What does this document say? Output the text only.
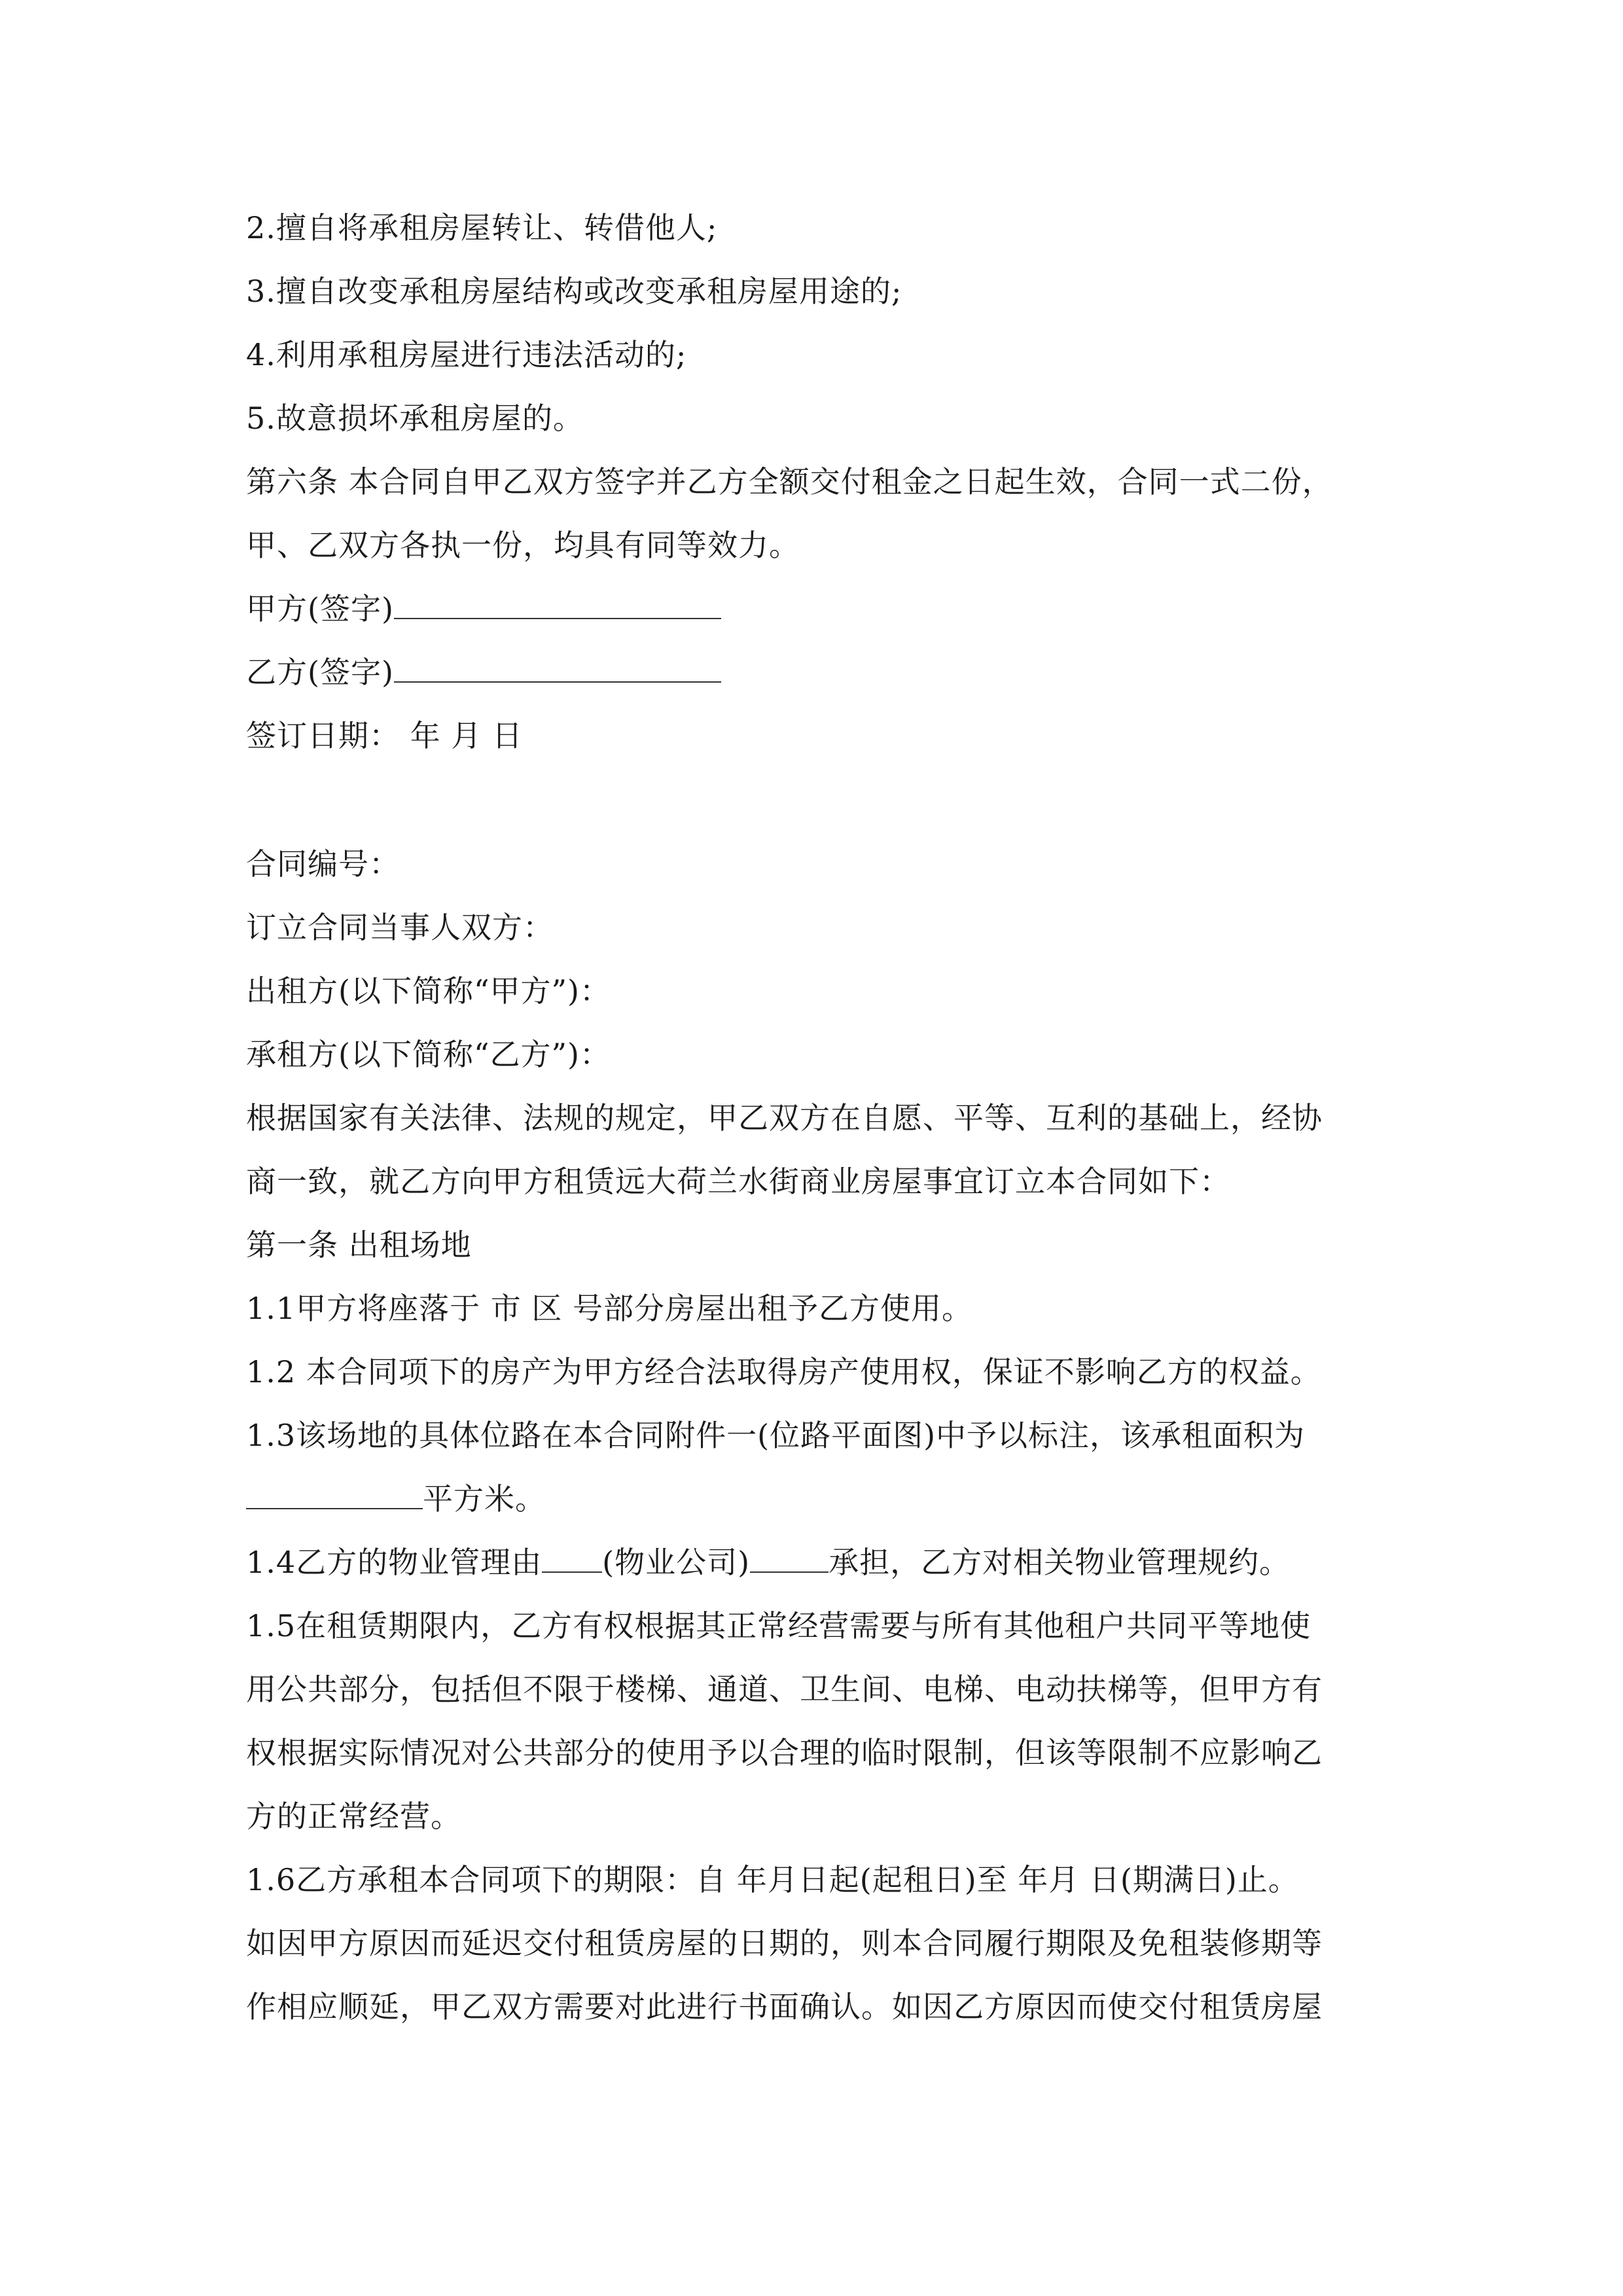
2.擅自将承租房屋转让、转借他人;
3.擅自改变承租房屋结构或改变承租房屋用途的;
4.利用承租房屋进行违法活动的;
5.故意损坏承租房屋的。
第六条 本合同自甲乙双方签字并乙方全额交付租金之日起生效，合同一式二份，
甲、乙双方各执一份，均具有同等效力。
甲方(签字)
乙方(签字)
签订日期： 年 月 日
合同编号：
订立合同当事人双方：
出租方(以下简称“甲方”)：
承租方(以下简称“乙方”)：
根据国家有关法律、法规的规定，甲乙双方在自愿、平等、互利的基础上，经协
商一致，就乙方向甲方租赁远大荷兰水街商业房屋事宜订立本合同如下：
第一条 出租场地
1.1甲方将座落于 市 区 号部分房屋出租予乙方使用。
1.2 本合同项下的房产为甲方经合法取得房产使用权，保证不影响乙方的权益。
1.3该场地的具体位路在本合同附件一(位路平面图)中予以标注，该承租面积为
平方米。
1.4乙方的物业管理由 (物业公司)	承担，乙方对相关物业管理规约。
1.5在租赁期限内，乙方有权根据其正常经营需要与所有其他租户共同平等地使
用公共部分，包括但不限于楼梯、通道、卫生间、电梯、电动扶梯等，但甲方有
权根据实际情况对公共部分的使用予以合理的临时限制，但该等限制不应影响乙
方的正常经营。
1.6乙方承租本合同项下的期限：自 年月日起(起租日)至 年月 日(期满日)止。
如因甲方原因而延迟交付租赁房屋的日期的，则本合同履行期限及免租装修期等
作相应顺延，甲乙双方需要对此进行书面确认。如因乙方原因而使交付租赁房屋
